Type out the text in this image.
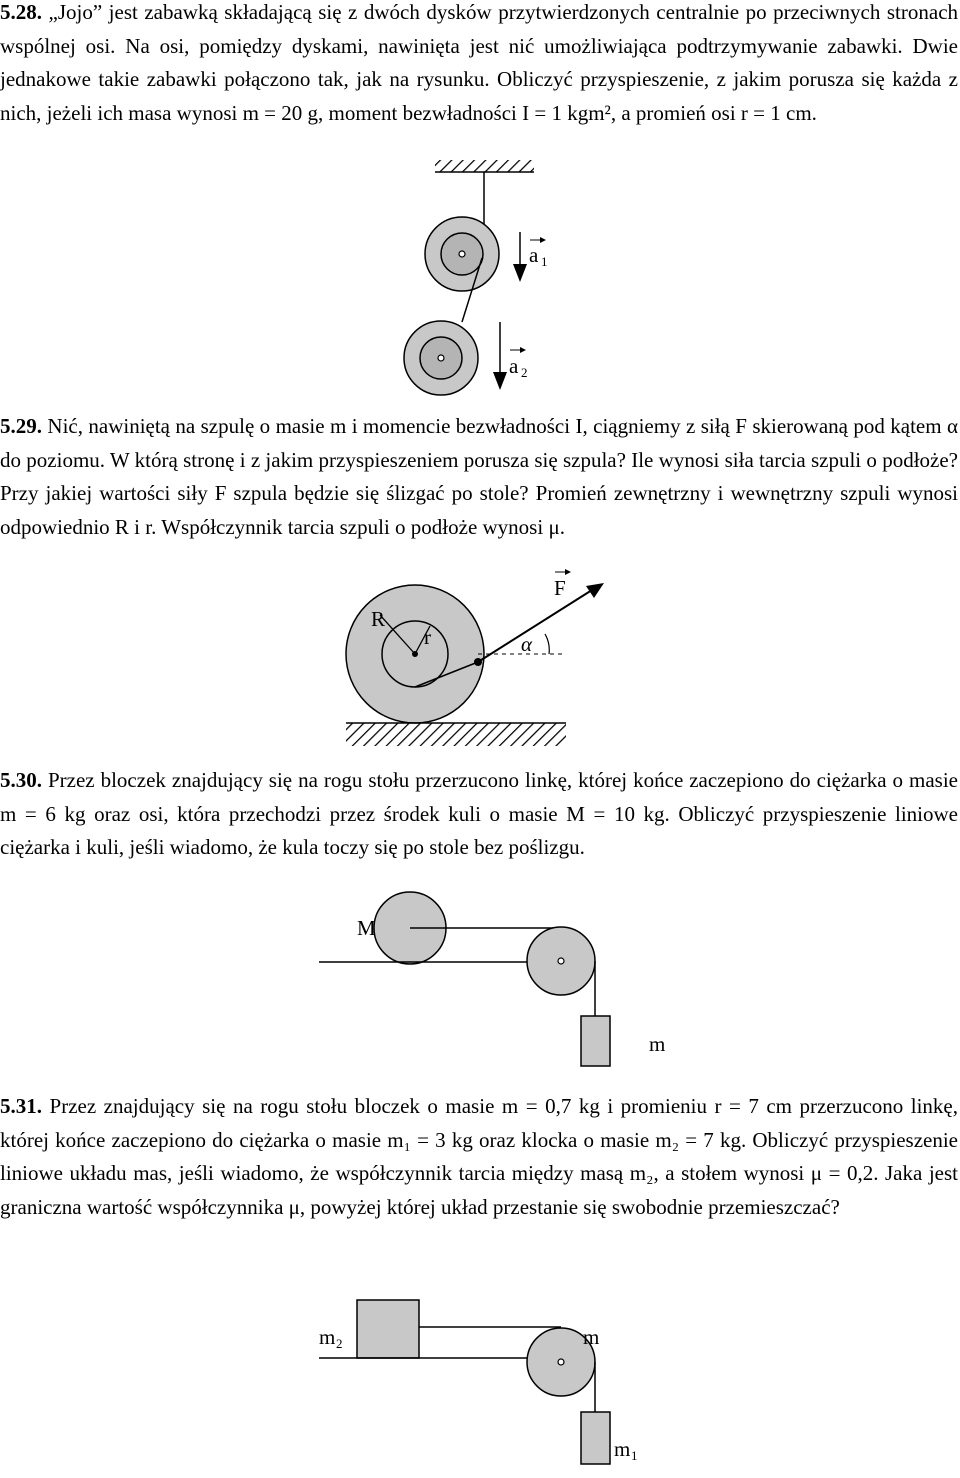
5.28. „Jojo” jest zabawką składającą się z dwóch dysków przytwierdzonych centralnie po przeciwnych stronach wspólnej osi. Na osi, pomiędzy dyskami, nawinięta jest nić umożliwiająca podtrzymywanie zabawki. Dwie jednakowe takie zabawki połączono tak, jak na rysunku. Obliczyć przyspieszenie, z jakim porusza się każda z nich, jeżeli ich masa wynosi m = 20 g, moment bezwładności I = 1 kgm², a promień osi r = 1 cm.

a 1
a 2
R
r	α
F
M
m
m 2	m
m 1

5.29. Nić, nawiniętą na szpulę o masie m i momencie bezwładności I, ciągniemy z siłą F skierowaną pod kątem α do poziomu. W którą stronę i z jakim przyspieszeniem porusza się szpula? Ile wynosi siła tarcia szpuli o podłoże? Przy jakiej wartości siły F szpula będzie się ślizgać po stole? Promień zewnętrzny i wewnętrzny szpuli wynosi odpowiednio R i r. Współczynnik tarcia szpuli o podłoże wynosi μ.

5.30. Przez bloczek znajdujący się na rogu stołu przerzucono linkę, której końce zaczepiono do ciężarka o masie m = 6 kg oraz osi, która przechodzi przez środek kuli o masie M = 10 kg. Obliczyć przyspieszenie liniowe ciężarka i kuli, jeśli wiadomo, że kula toczy się po stole bez poślizgu.

5.31. Przez znajdujący się na rogu stołu bloczek o masie m = 0,7 kg i promieniu r = 7 cm przerzucono linkę, której końce zaczepiono do ciężarka o masie m₁ = 3 kg oraz klocka o masie m₂ = 7 kg. Obliczyć przyspieszenie liniowe układu mas, jeśli wiadomo, że współczynnik tarcia między masą m₂, a stołem wynosi μ = 0,2. Jaka jest graniczna wartość współczynnika μ, powyżej której układ przestanie się swobodnie przemieszczać?
